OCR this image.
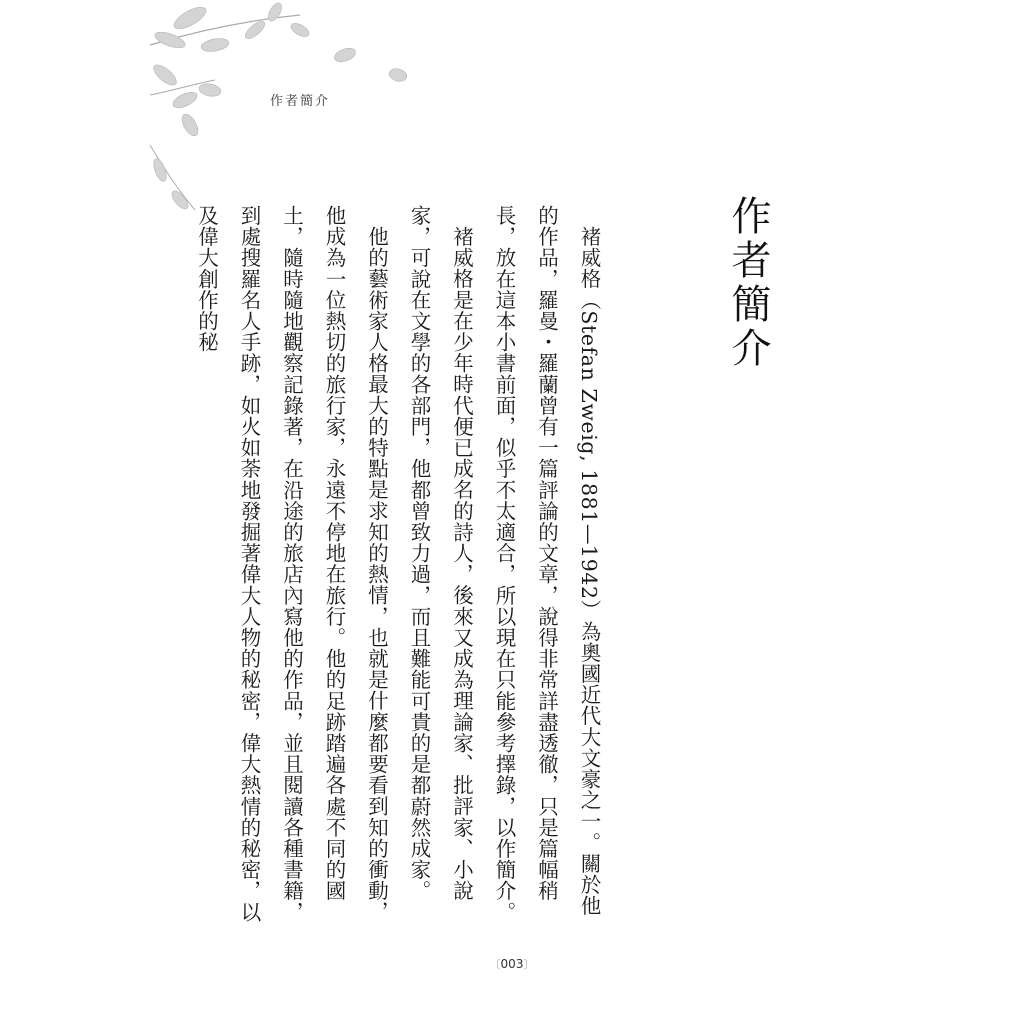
作者簡介
作者簡介

褚威格（Stefan Zweig, 1881—1942）為奧國近代大文豪之一。關於他的作品，羅曼・羅蘭曾有一篇評論的文章，說得非常詳盡透徹，只是篇幅稍長，放在這本小書前面，似乎不太適合，所以現在只能參考擇錄，以作簡介。

褚威格是在少年時代便已成名的詩人，後來又成為理論家、批評家、小說家，可說在文學的各部門，他都曾致力過，而且難能可貴的是都蔚然成家。

他的藝術家人格最大的特點是求知的熱情，也就是什麼都要看到知的衝動，他成為一位熱切的旅行家，永遠不停地在旅行。他的足跡踏遍各處不同的國土，隨時隨地觀察記錄著，在沿途的旅店內寫他的作品，並且閱讀各種書籍，到處搜羅名人手跡，如火如荼地發掘著偉大人物的秘密，偉大熱情的秘密，以及偉大創作的秘

〔003〕
